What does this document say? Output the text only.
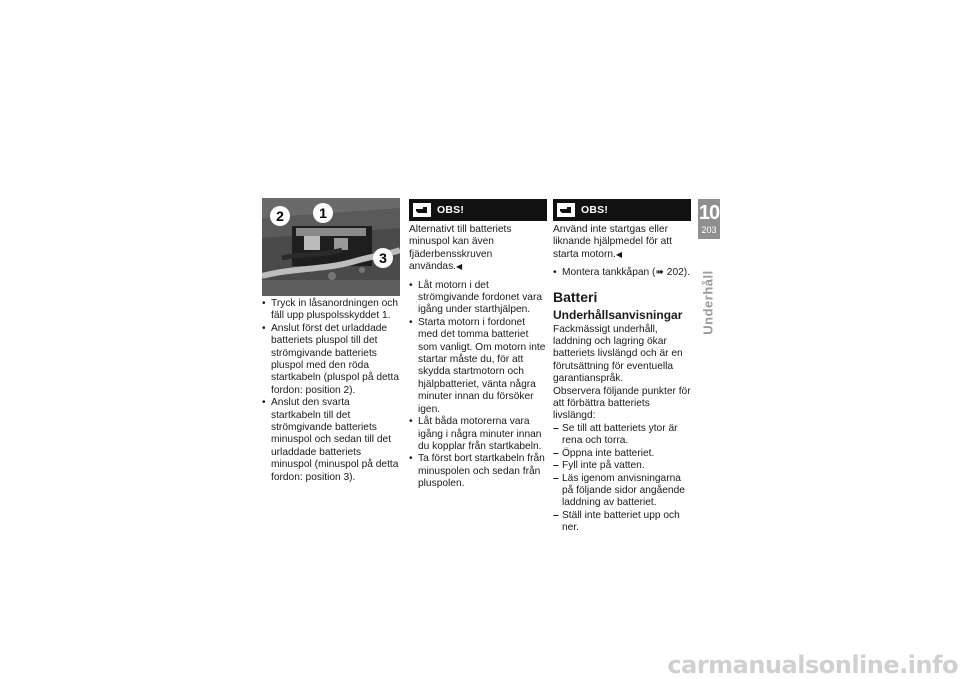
2	1
3
• Tryck in låsanordningen och fäll upp pluspolsskyddet 1.
• Anslut först det urladdade batteriets pluspol till det strömgivande batteriets pluspol med den röda startkabeln (pluspol på detta fordon: position 2).
• Anslut den svarta startkabeln till det strömgivande batteriets minuspol och sedan till det urladdade batteriets minuspol (minuspol på detta fordon: position 3).
OBS!

Alternativt till batteriets minuspol kan även fjäderbensskruven användas.◀

• Låt motorn i det strömgivande fordonet vara igång under starthjälpen.
• Starta motorn i fordonet med det tomma batteriet som vanligt. Om motorn inte startar måste du, för att skydda startmotorn och hjälpbatteriet, vänta några minuter innan du försöker igen.
• Låt båda motorerna vara igång i några minuter innan du kopplar från startkabeln.
• Ta först bort startkabeln från minuspolen och sedan från pluspolen.
OBS!

Använd inte startgas eller liknande hjälpmedel för att starta motorn.◀

• Montera tankkåpan (➠ 202).
Batteri
Underhållsanvisningar

Fackmässigt underhåll, laddning och lagring ökar batteriets livslängd och är en förutsättning för eventuella garantianspråk.

Observera följande punkter för att förbättra batteriets livslängd:

– Se till att batteriets ytor är rena och torra.
– Öppna inte batteriet.
– Fyll inte på vatten.
– Läs igenom anvisningarna på följande sidor angående laddning av batteriet.
– Ställ inte batteriet upp och ner.
10
203
Underhåll
carmanualsonline.info
